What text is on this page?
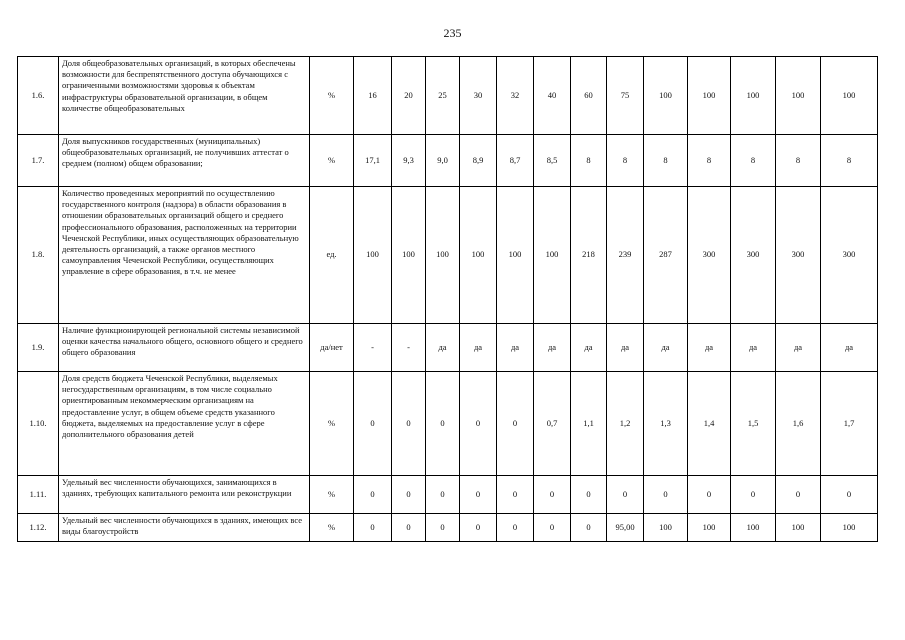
235
1.6.	Доля общеобразовательных организаций, в которых обеспечены возможности для беспрепятственного доступа обучающихся с ограниченными возможностями здоровья к объектам инфраструктуры образовательной организации, в общем количестве общеобразовательных	%	16	20	25	30	32	40	60	75	100	100	100	100	100
1.7.	Доля выпускников государственных (муниципальных) общеобразовательных организаций, не получивших аттестат о среднем (полном) общем образовании;	%	17,1	9,3	9,0	8,9	8,7	8,5	8	8	8	8	8	8	8
1.8.	Количество проведенных мероприятий по осуществлению государственного контроля (надзора) в области образования в отношении образовательных организаций общего и среднего профессионального образования, расположенных на территории Чеченской Республики, иных осуществляющих образовательную деятельность организаций, а также органов местного самоуправления Чеченской Республики, осуществляющих управление в сфере образования, в т.ч. не менее	ед.	100	100	100	100	100	100	218	239	287	300	300	300	300
1.9.	Наличие функционирующей региональной системы независимой оценки качества начального общего, основного общего и среднего общего образования	да/нет	-	-	да	да	да	да	да	да	да	да	да	да	да
1.10.	Доля средств бюджета Чеченской Республики, выделяемых негосударственным организациям, в том числе социально ориентированным некоммерческим организациям на предоставление услуг, в общем объеме средств указанного бюджета, выделяемых на предоставление услуг в сфере дополнительного образования детей	%	0	0	0	0	0	0,7	1,1	1,2	1,3	1,4	1,5	1,6	1,7
1.11.	Удельный вес численности обучающихся, занимающихся в зданиях, требующих капитального ремонта или реконструкции	%	0	0	0	0	0	0	0	0	0	0	0	0	0
1.12.	Удельный вес численности обучающихся в зданиях, имеющих все виды благоустройств	%	0	0	0	0	0	0	0	95,00	100	100	100	100	100
